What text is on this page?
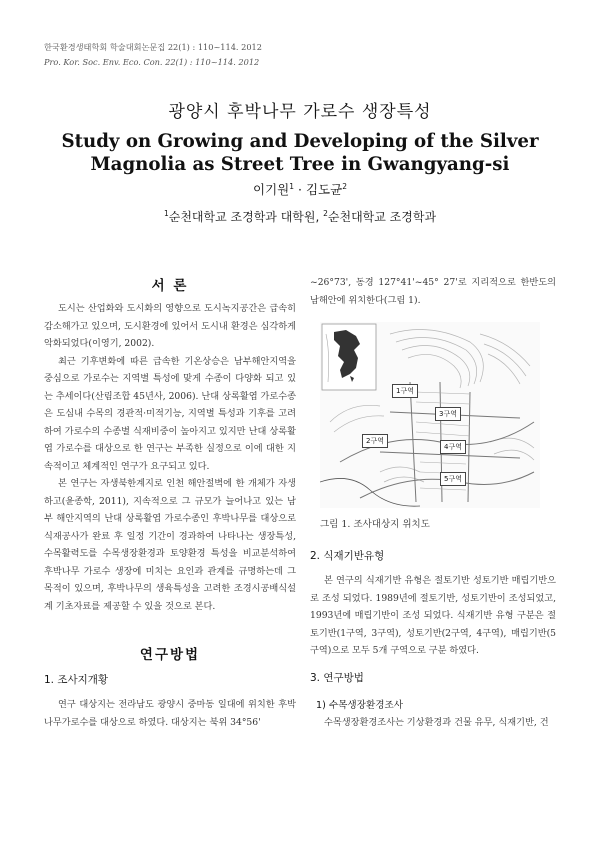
한국환경생태학회 학술대회논문집 22(1) : 110~114. 2012
Pro. Kor. Soc. Env. Eco. Con. 22(1) : 110~114. 2012
광양시 후박나무 가로수 생장특성
Study on Growing and Developing of the Silver Magnolia as Street Tree in Gwangyang-si
이기원$^1$ · 김도균$^2$
$^1$순천대학교 조경학과 대학원, $^2$순천대학교 조경학과
서 론

도시는 산업화와 도시화의 영향으로 도시녹지공간은 급속히 감소해가고 있으며, 도시환경에 있어서 도시내 환경은 심각하게 악화되었다(이영기, 2002).

최근 기후변화에 따른 급속한 기온상승은 남부해안지역을 중심으로 가로수는 지역별 특성에 맞게 수종이 다양화 되고 있는 추세이다(산림조합 45년사, 2006). 난대 상록활엽 가로수종은 도심내 수목의 경관적·미적기능, 지역별 특성과 기후를 고려하여 가로수의 수종별 식재비중이 높아지고 있지만 난대 상록활엽 가로수를 대상으로 한 연구는 부족한 실정으로 이에 대한 지속적이고 체계적인 연구가 요구되고 있다.

본 연구는 자생북한계지로 인천 해안절벽에 한 개체가 자생하고(윤종학, 2011), 지속적으로 그 규모가 늘어나고 있는 남부 해안지역의 난대 상록활엽 가로수종인 후박나무를 대상으로 식재공사가 완료 후 일정 기간이 경과하여 나타나는 생장특성, 수목활력도를 수목생장환경과 토양환경 특성을 비교분석하여 후박나무 가로수 생장에 미치는 요인과 관계를 규명하는데 그 목적이 있으며, 후박나무의 생육특성을 고려한 조경시공배식설계 기초자료를 제공할 수 있을 것으로 본다.

연구방법
1. 조사지개황

연구 대상지는 전라남도 광양시 중마동 일대에 위치한 후박나무가로수를 대상으로 하였다. 대상지는 북위 34°56'

~26°73', 동경 127°41'~45° 27'로 지리적으로 한반도의 남해안에 위치한다(그림 1).

1구역
3구역
2구역
4구역
5구역
그림 1. 조사대상지 위치도
2. 식재기반유형

본 연구의 식재기반 유형은 절토기반 성토기반 매립기반으로 조성 되었다. 1989년에 절토기반, 성토기반이 조성되었고, 1993년에 매립기반이 조성 되었다. 식재기반 유형 구분은 절토기반(1구역, 3구역), 성토기반(2구역, 4구역), 매립기반(5구역)으로 모두 5개 구역으로 구분 하였다.

3. 연구방법
1) 수목생장환경조사

수목생장환경조사는 기상환경과 건물 유무, 식재기반, 건
